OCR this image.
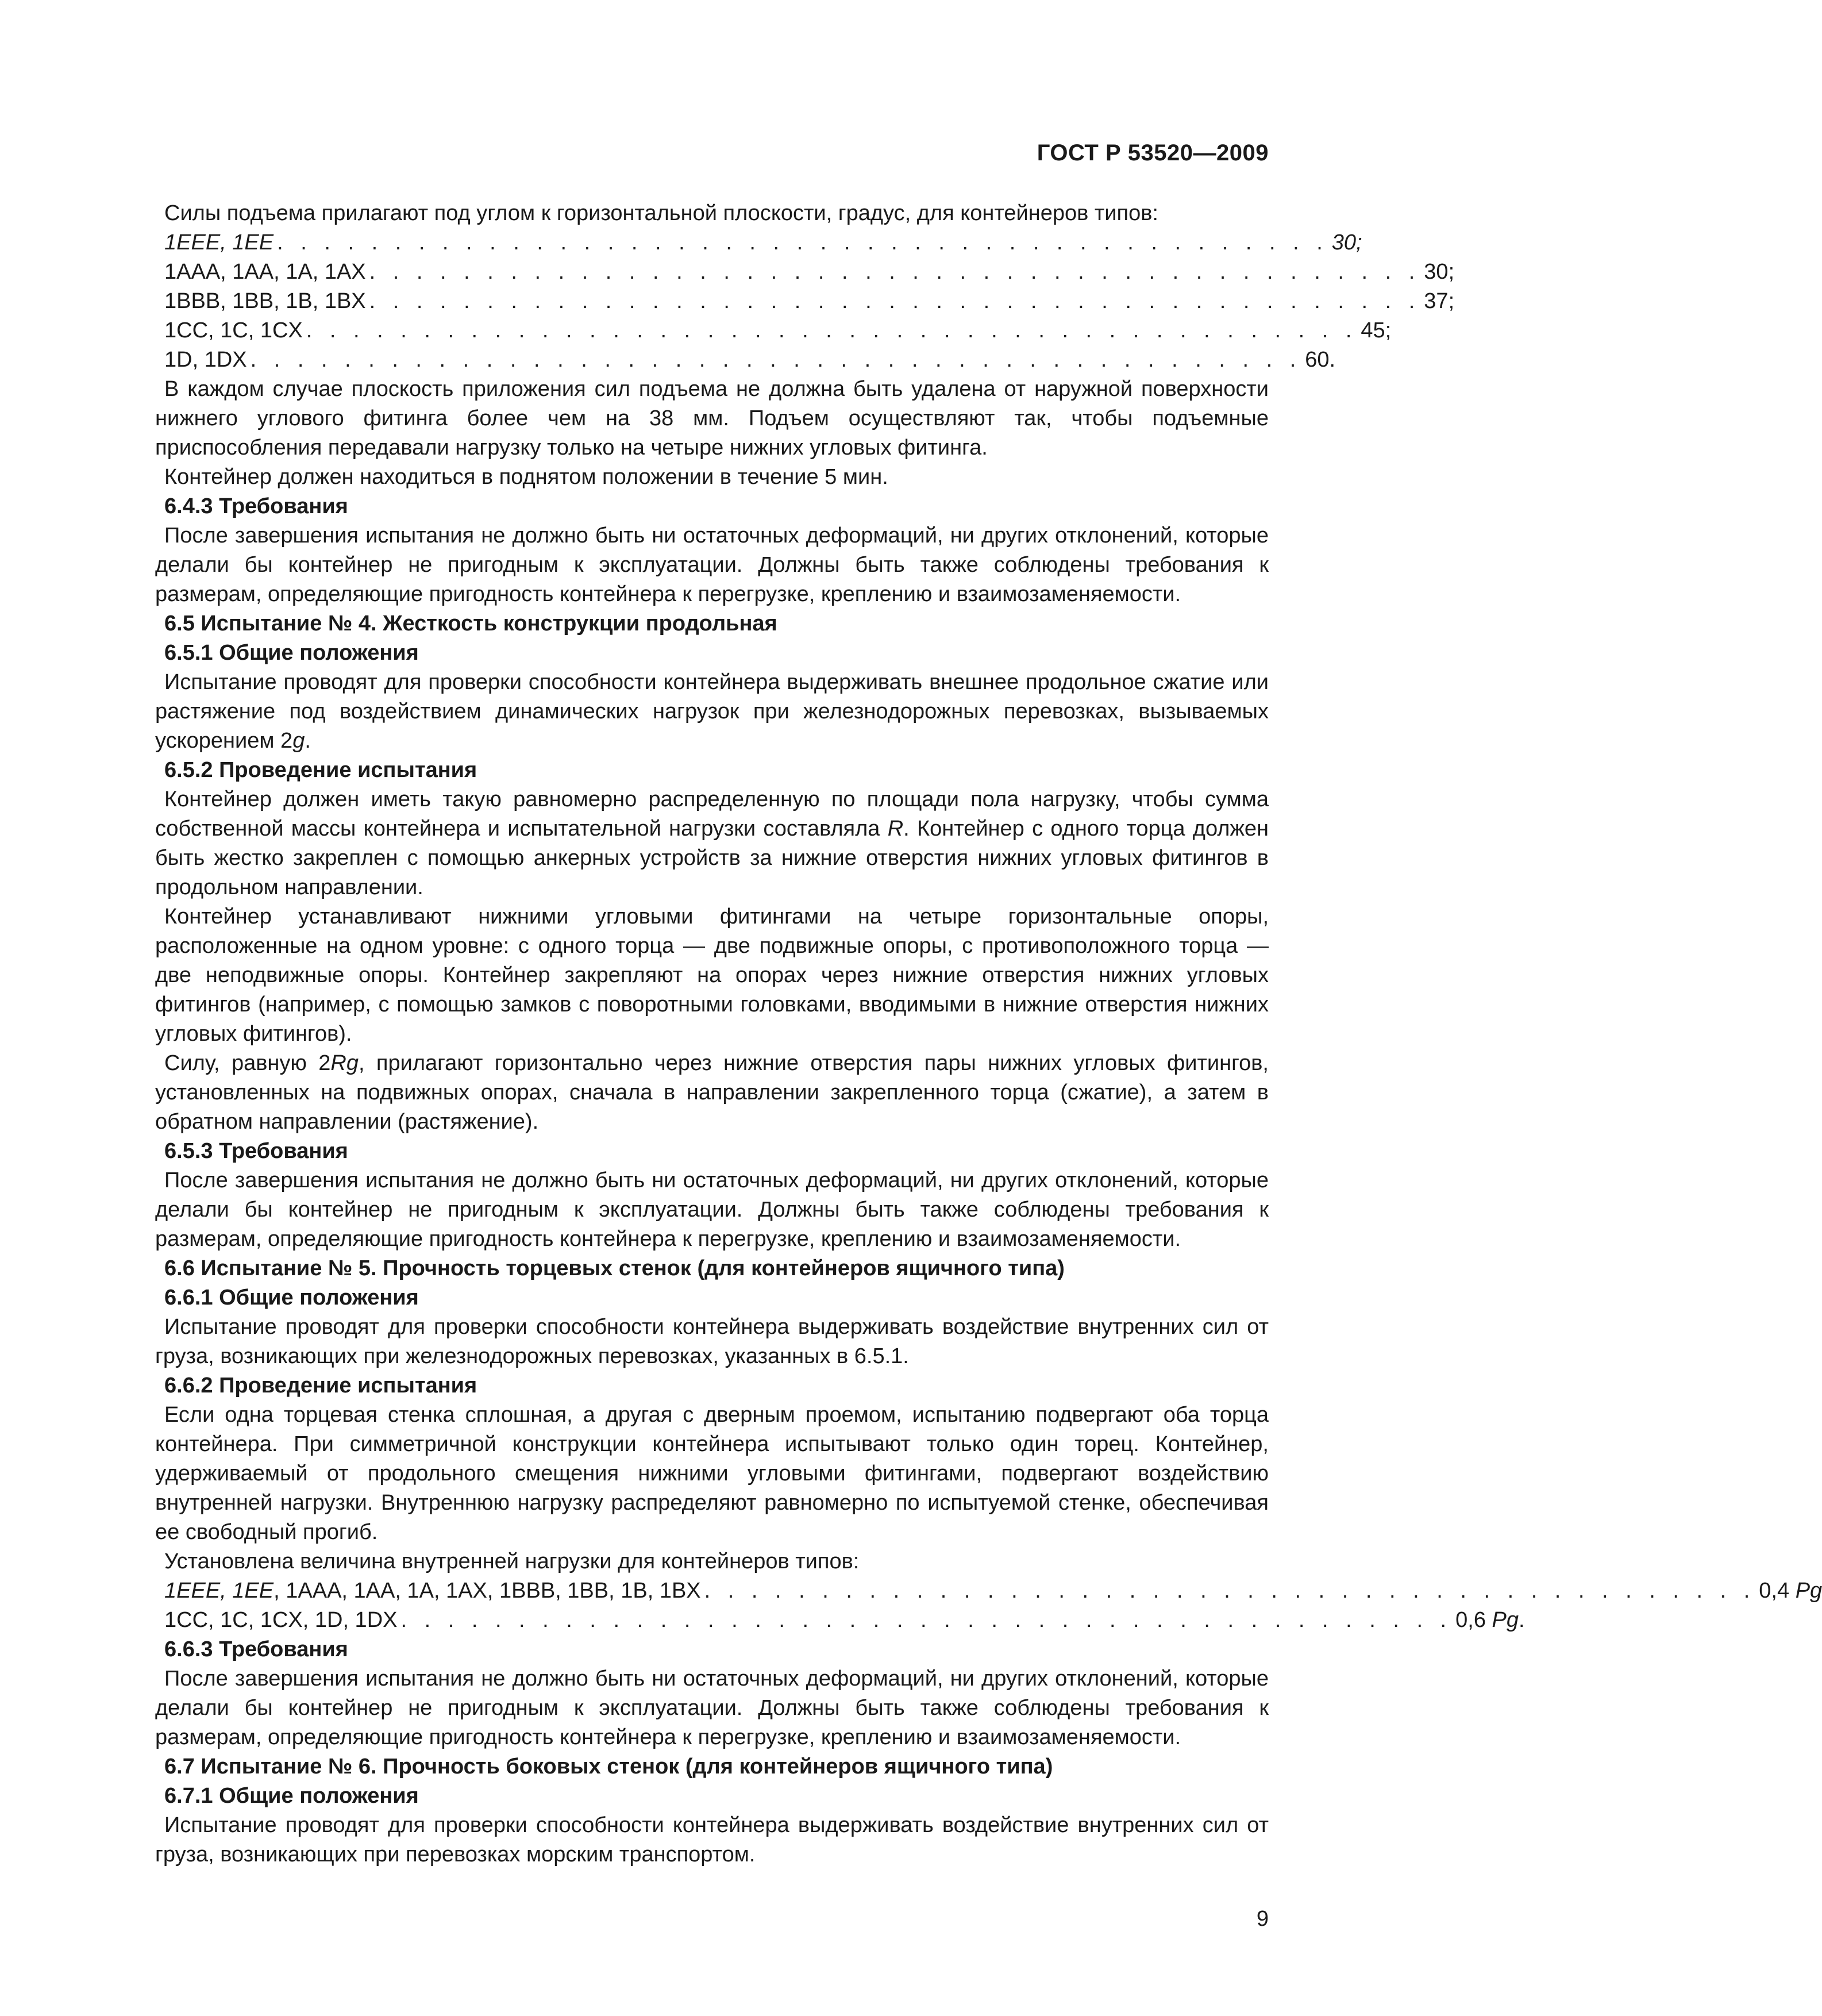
ГОСТ Р 53520—2009

Силы подъема прилагают под углом к горизонтальной плоскости, градус, для контейнеров типов:

1EEE, 1EE . . . . . . . . . . . . . . . . . . . . . . . . . . . . . . . . . . . . . . . . . . . . . 30;
1AAA, 1AA, 1A, 1AX . . . . . . . . . . . . . . . . . . . . . . . . . . . . . . . . . . . . . . . . . . . . . 30;
1BBB, 1BB, 1B, 1BX . . . . . . . . . . . . . . . . . . . . . . . . . . . . . . . . . . . . . . . . . . . . . 37;
1CC, 1C, 1CX . . . . . . . . . . . . . . . . . . . . . . . . . . . . . . . . . . . . . . . . . . . . . 45;
1D, 1DX . . . . . . . . . . . . . . . . . . . . . . . . . . . . . . . . . . . . . . . . . . . . . 60.

В каждом случае плоскость приложения сил подъема не должна быть удалена от наружной поверхности нижнего углового фитинга более чем на 38 мм. Подъем осуществляют так, чтобы подъемные приспособления передавали нагрузку только на четыре нижних угловых фитинга.

Контейнер должен находиться в поднятом положении в течение 5 мин.

6.4.3 Требования

После завершения испытания не должно быть ни остаточных деформаций, ни других отклонений, которые делали бы контейнер не пригодным к эксплуатации. Должны быть также соблюдены требования к размерам, определяющие пригодность контейнера к перегрузке, креплению и взаимозаменяемости.

6.5 Испытание № 4. Жесткость конструкции продольная

6.5.1 Общие положения

Испытание проводят для проверки способности контейнера выдерживать внешнее продольное сжатие или растяжение под воздействием динамических нагрузок при железнодорожных перевозках, вызываемых ускорением 2g.

6.5.2 Проведение испытания

Контейнер должен иметь такую равномерно распределенную по площади пола нагрузку, чтобы сумма собственной массы контейнера и испытательной нагрузки составляла R. Контейнер с одного торца должен быть жестко закреплен с помощью анкерных устройств за нижние отверстия нижних угловых фитингов в продольном направлении.

Контейнер устанавливают нижними угловыми фитингами на четыре горизонтальные опоры, расположенные на одном уровне: с одного торца — две подвижные опоры, с противоположного торца — две неподвижные опоры. Контейнер закрепляют на опорах через нижние отверстия нижних угловых фитингов (например, с помощью замков с поворотными головками, вводимыми в нижние отверстия нижних угловых фитингов).

Силу, равную 2Rg, прилагают горизонтально через нижние отверстия пары нижних угловых фитингов, установленных на подвижных опорах, сначала в направлении закрепленного торца (сжатие), а затем в обратном направлении (растяжение).

6.5.3 Требования

После завершения испытания не должно быть ни остаточных деформаций, ни других отклонений, которые делали бы контейнер не пригодным к эксплуатации. Должны быть также соблюдены требования к размерам, определяющие пригодность контейнера к перегрузке, креплению и взаимозаменяемости.

6.6 Испытание № 5. Прочность торцевых стенок (для контейнеров ящичного типа)

6.6.1 Общие положения

Испытание проводят для проверки способности контейнера выдерживать воздействие внутренних сил от груза, возникающих при железнодорожных перевозках, указанных в 6.5.1.

6.6.2 Проведение испытания

Если одна торцевая стенка сплошная, а другая с дверным проемом, испытанию подвергают оба торца контейнера. При симметричной конструкции контейнера испытывают только один торец. Контейнер, удерживаемый от продольного смещения нижними угловыми фитингами, подвергают воздействию внутренней нагрузки. Внутреннюю нагрузку распределяют равномерно по испытуемой стенке, обеспечивая ее свободный прогиб.

Установлена величина внутренней нагрузки для контейнеров типов:

1EEE, 1EE, 1AAA, 1AA, 1A, 1AX, 1BBB, 1BB, 1B, 1BX . . . . . . . . . . . . . . . . . . . . . . . . . . . . . . . . . . . . . . . . . . . . . 0,4 Pg
1CC, 1C, 1CX, 1D, 1DX . . . . . . . . . . . . . . . . . . . . . . . . . . . . . . . . . . . . . . . . . . . . . 0,6 Pg.

6.6.3 Требования

После завершения испытания не должно быть ни остаточных деформаций, ни других отклонений, которые делали бы контейнер не пригодным к эксплуатации. Должны быть также соблюдены требования к размерам, определяющие пригодность контейнера к перегрузке, креплению и взаимозаменяемости.

6.7 Испытание № 6. Прочность боковых стенок (для контейнеров ящичного типа)

6.7.1 Общие положения

Испытание проводят для проверки способности контейнера выдерживать воздействие внутренних сил от груза, возникающих при перевозках морским транспортом.

9
